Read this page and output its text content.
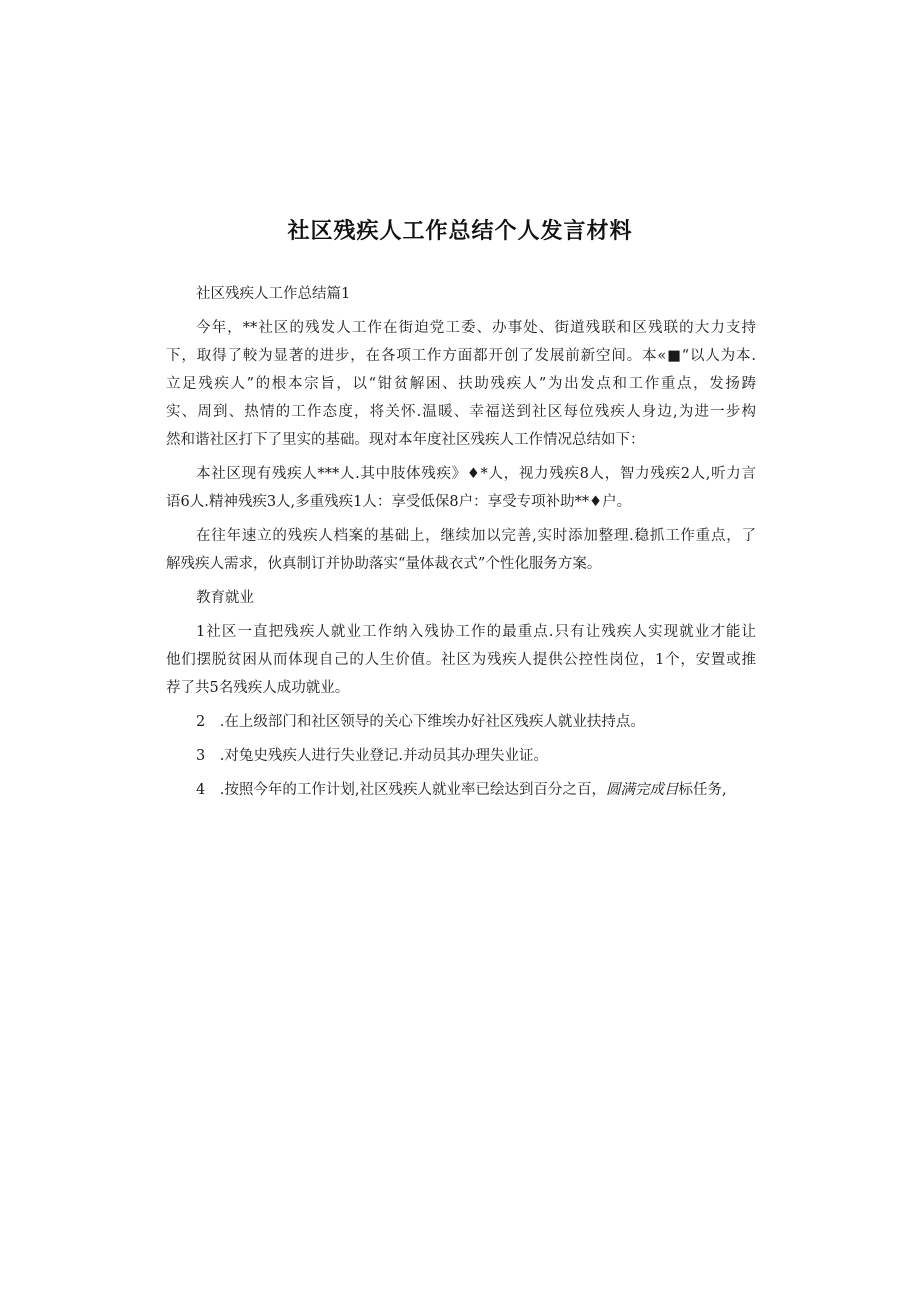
社区残疾人工作总结个人发言材料
社区残疾人工作总结篇1
今年，**社区的残发人工作在街迫党工委、办事处、街道残联和区残联的大力支持
下，取得了較为显著的进步，在各项工作方面都开创了发展前新空间。本«■“以人为本.
立足残疾人”的根本宗旨，以“钳贫解困、扶助残疾人”为出发点和工作重点，发扬踌
实、周到、热情的工作态度，将关怀.温暖、幸福送到社区每位残疾人身边,为进一步构
然和谐社区打下了里实的基础。现对本年度社区残疾人工作情况总结如下：
本社区现有残疾人***人.其中肢体残疾》♦*人，视力残疾8人，智力残疾2人,听力言
语6人.精神残疾3人,多重残疾1人：享受低保8户：享受专项补助**♦户。
在往年速立的残疾人档案的基础上，继续加以完善,实时添加整理.稳抓工作重点，了
解残疾人需求，伙真制订并协助落实“量体裁衣式”个性化服务方案。
教育就业
1社区一直把残疾人就业工作纳入残协工作的最重点.只有让残疾人实现就业才能让
他们摆脱贫困从而体现自己的人生价值。社区为残疾人提供公控性岗位，1个，安置或推
荐了共5名残疾人成功就业。
2　.在上级部门和社区领导的关心下维埃办好社区残疾人就业扶持点。
3　.对兔史残疾人进行失业登记.并动员其办理失业证。
4　.按照今年的工作计划,社区残疾人就业率已绘达到百分之百，圆满完成目标任务,
